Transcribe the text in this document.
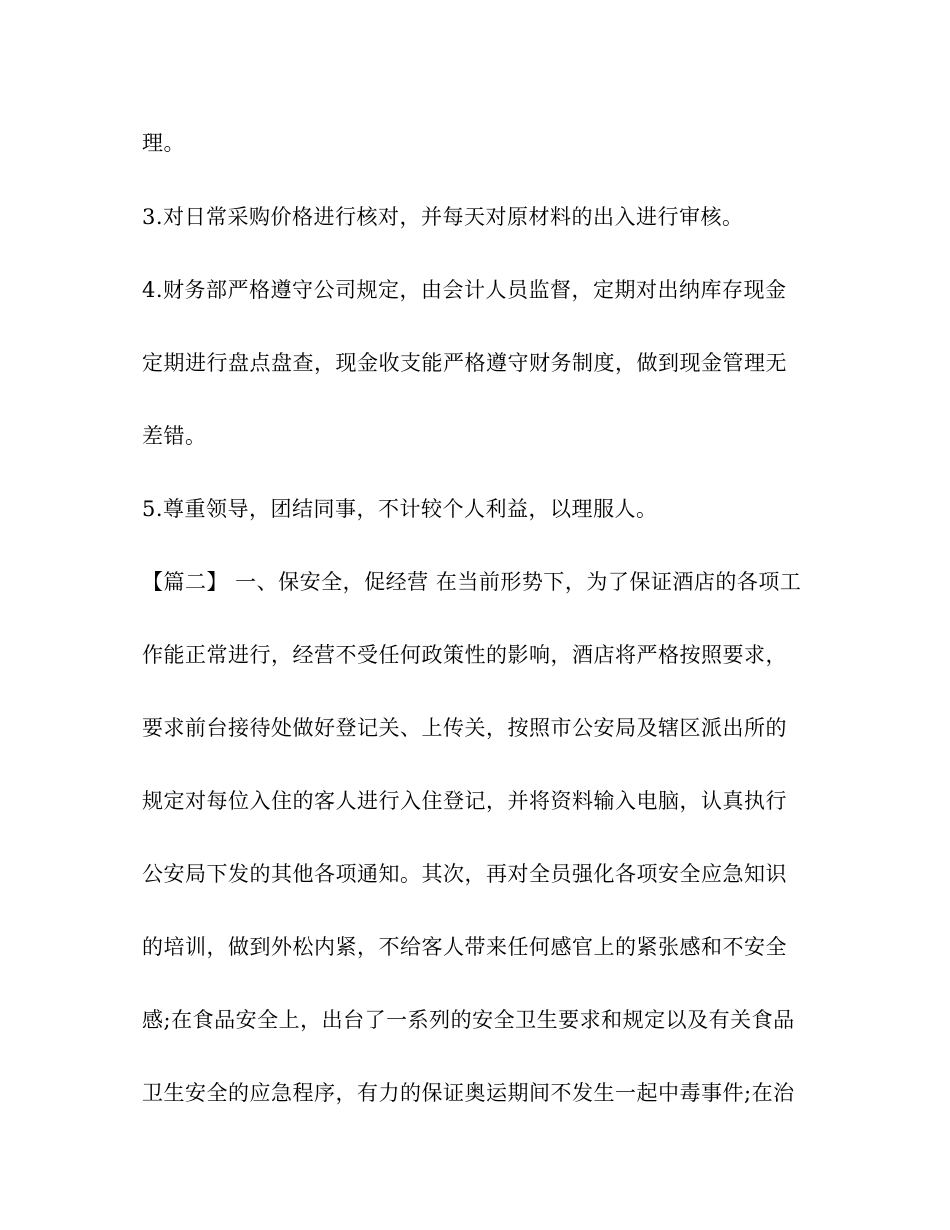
理。
3.对日常采购价格进行核对，并每天对原材料的出入进行审核。
4.财务部严格遵守公司规定，由会计人员监督，定期对出纳库存现金
定期进行盘点盘查，现金收支能严格遵守财务制度，做到现金管理无
差错。
5.尊重领导，团结同事，不计较个人利益，以理服人。
【篇二】 一、保安全，促经营 在当前形势下，为了保证酒店的各项工
作能正常进行，经营不受任何政策性的影响，酒店将严格按照要求，
要求前台接待处做好登记关、上传关，按照市公安局及辖区派出所的
规定对每位入住的客人进行入住登记，并将资料输入电脑，认真执行
公安局下发的其他各项通知。其次，再对全员强化各项安全应急知识
的培训，做到外松内紧，不给客人带来任何感官上的紧张感和不安全
感;在食品安全上，出台了一系列的安全卫生要求和规定以及有关食品
卫生安全的应急程序，有力的保证奥运期间不发生一起中毒事件;在治
